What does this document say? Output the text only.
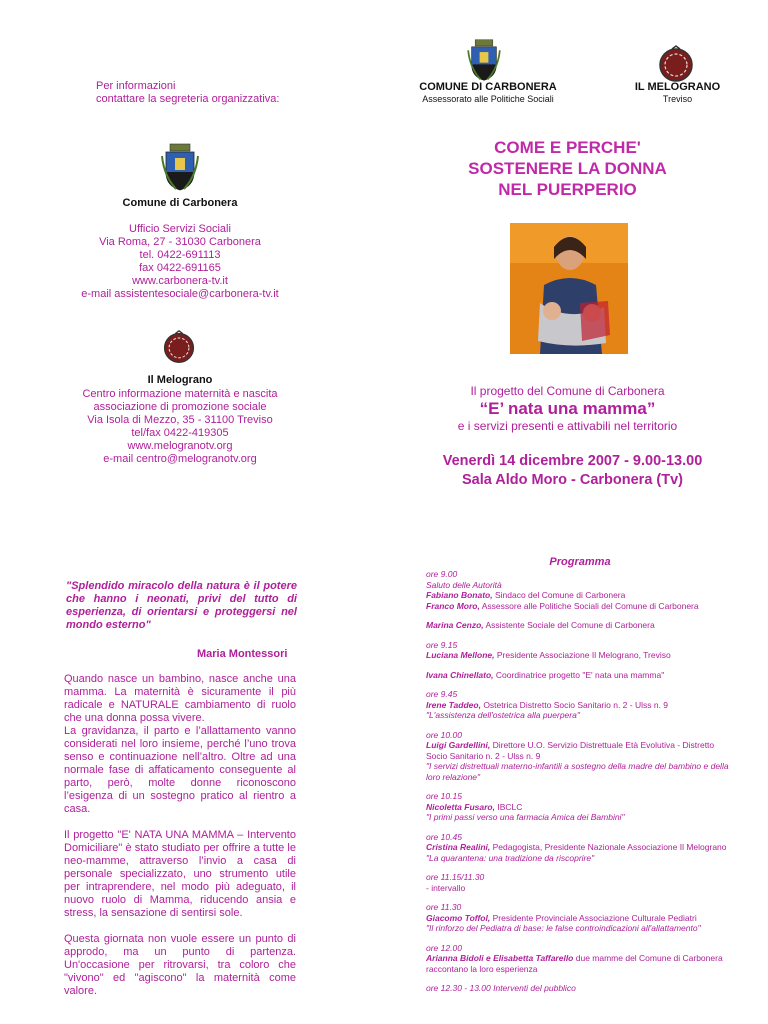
Per informazioni
contattare la segreteria organizzativa:
Comune di Carbonera
Ufficio Servizi Sociali
Via Roma, 27 - 31030 Carbonera
tel. 0422-691113
fax 0422-691165
www.carbonera-tv.it
e-mail assistentesociale@carbonera-tv.it
Il Melograno
Centro informazione maternità e nascita
associazione di promozione sociale
Via Isola di Mezzo, 35 - 31100 Treviso
tel/fax 0422-419305
www.melogranotv.org
e-mail centro@melogranotv.org
COMUNE DI CARBONERA
Assessorato alle Politiche Sociali
IL MELOGRANO
Treviso
COME E PERCHE'
SOSTENERE LA DONNA
NEL PUERPERIO
Il progetto del Comune di Carbonera
“E’ nata una mamma”
e i servizi presenti e attivabili nel territorio
Venerdì 14 dicembre 2007 - 9.00-13.00
Sala Aldo Moro - Carbonera (Tv)
"Splendido miracolo della natura è il potere che hanno i neonati, privi del tutto di esperienza, di orientarsi e proteggersi nel mondo esterno"
Maria Montessori

Quando nasce un bambino, nasce anche una mamma. La maternità è sicuramente il più radicale e NATURALE cambiamento di ruolo che una donna possa vivere.

La gravidanza, il parto e l’allattamento vanno considerati nel loro insieme, perché l’uno trova senso e continuazione nell’altro. Oltre ad una normale fase di affaticamento conseguente al parto, però, molte donne riconoscono l’esigenza di un sostegno pratico al rientro a casa.

Il progetto "E' NATA UNA MAMMA – Intervento Domiciliare" è stato studiato per offrire a tutte le neo-mamme, attraverso l’invio a casa di personale specializzato, uno strumento utile per intraprendere, nel modo più adeguato, il nuovo ruolo di Mamma, riducendo ansia e stress, la sensazione di sentirsi sole.

Questa giornata non vuole essere un punto di approdo, ma un punto di partenza. Un'occasione per ritrovarsi, tra coloro che "vivono" ed "agiscono" la maternità come valore.

Programma
ore 9.00
Saluto delle Autorità
Fabiano Bonato, Sindaco del Comune di Carbonera
Franco Moro, Assessore alle Politiche Sociali del Comune di Carbonera
Marina Cenzo, Assistente Sociale del Comune di Carbonera
ore 9.15
Luciana Mellone, Presidente Associazione Il Melograno, Treviso
Ivana Chinellato, Coordinatrice progetto "E' nata una mamma"
ore 9.45
Irene Taddeo, Ostetrica Distretto Socio Sanitario n. 2 - Ulss n. 9
"L'assistenza dell'ostetrica alla puerpera"
ore 10.00
Luigi Gardellini, Direttore U.O. Servizio Distrettuale Età Evolutiva - Distretto Socio Sanitario n. 2 - Ulss n. 9
"I servizi distrettuali materno-infantili a sostegno della madre del bambino e della loro relazione"
ore 10.15
Nicoletta Fusaro, IBCLC
"I primi passi verso una farmacia Amica dei Bambini"
ore 10.45
Cristina Realini, Pedagogista, Presidente Nazionale Associazione Il Melograno
"La quarantena: una tradizione da riscoprire"
ore 11.15/11.30
- intervallo
ore 11.30
Giacomo Toffol, Presidente Provinciale Associazione Culturale Pediatri
"Il rinforzo del Pediatra di base: le false controindicazioni all'allattamento"
ore 12.00
Arianna Bidoli e Elisabetta Taffarello due mamme del Comune di Carbonera raccontano la loro esperienza
ore 12.30 - 13.00 Interventi del pubblico
